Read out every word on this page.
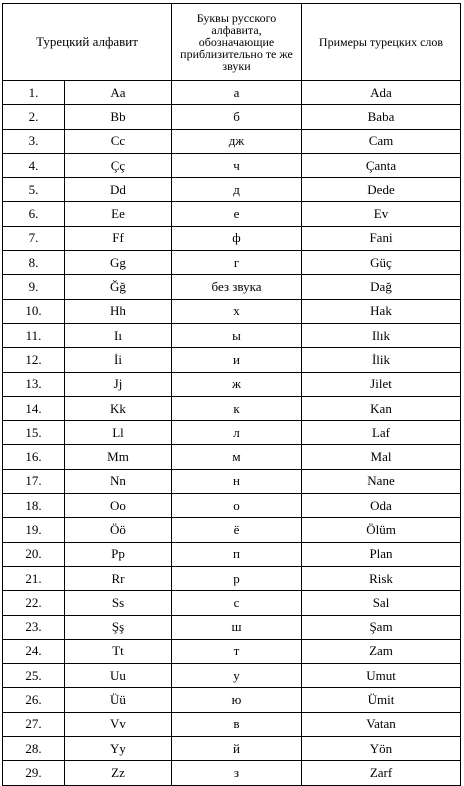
Турецкий алфавит		Буквы русского алфавита, обозначающие приблизительно те же звуки	Примеры турецких слов

1.	Aa	а	Ada
2.	Bb	б	Baba
3.	Cc	дж	Cam
4.	Çç	ч	Çanta
5.	Dd	д	Dede
6.	Ee	е	Ev
7.	Ff	ф	Fani
8.	Gg	г	Güç
9.	Ğğ	без звука	Dağ
10.	Hh	х	Hak
11.	Iı	ы	Ilık
12.	İi	и	İlik
13.	Jj	ж	Jilet
14.	Kk	к	Kan
15.	Ll	л	Laf
16.	Mm	м	Mal
17.	Nn	н	Nane
18.	Oo	о	Oda
19.	Öö	ё	Ölüm
20.	Pp	п	Plan
21.	Rr	р	Risk
22.	Ss	с	Sal
23.	Şş	ш	Şam
24.	Tt	т	Zam
25.	Uu	у	Umut
26.	Üü	ю	Ümit
27.	Vv	в	Vatan
28.	Yy	й	Yön
29.	Zz	з	Zarf
